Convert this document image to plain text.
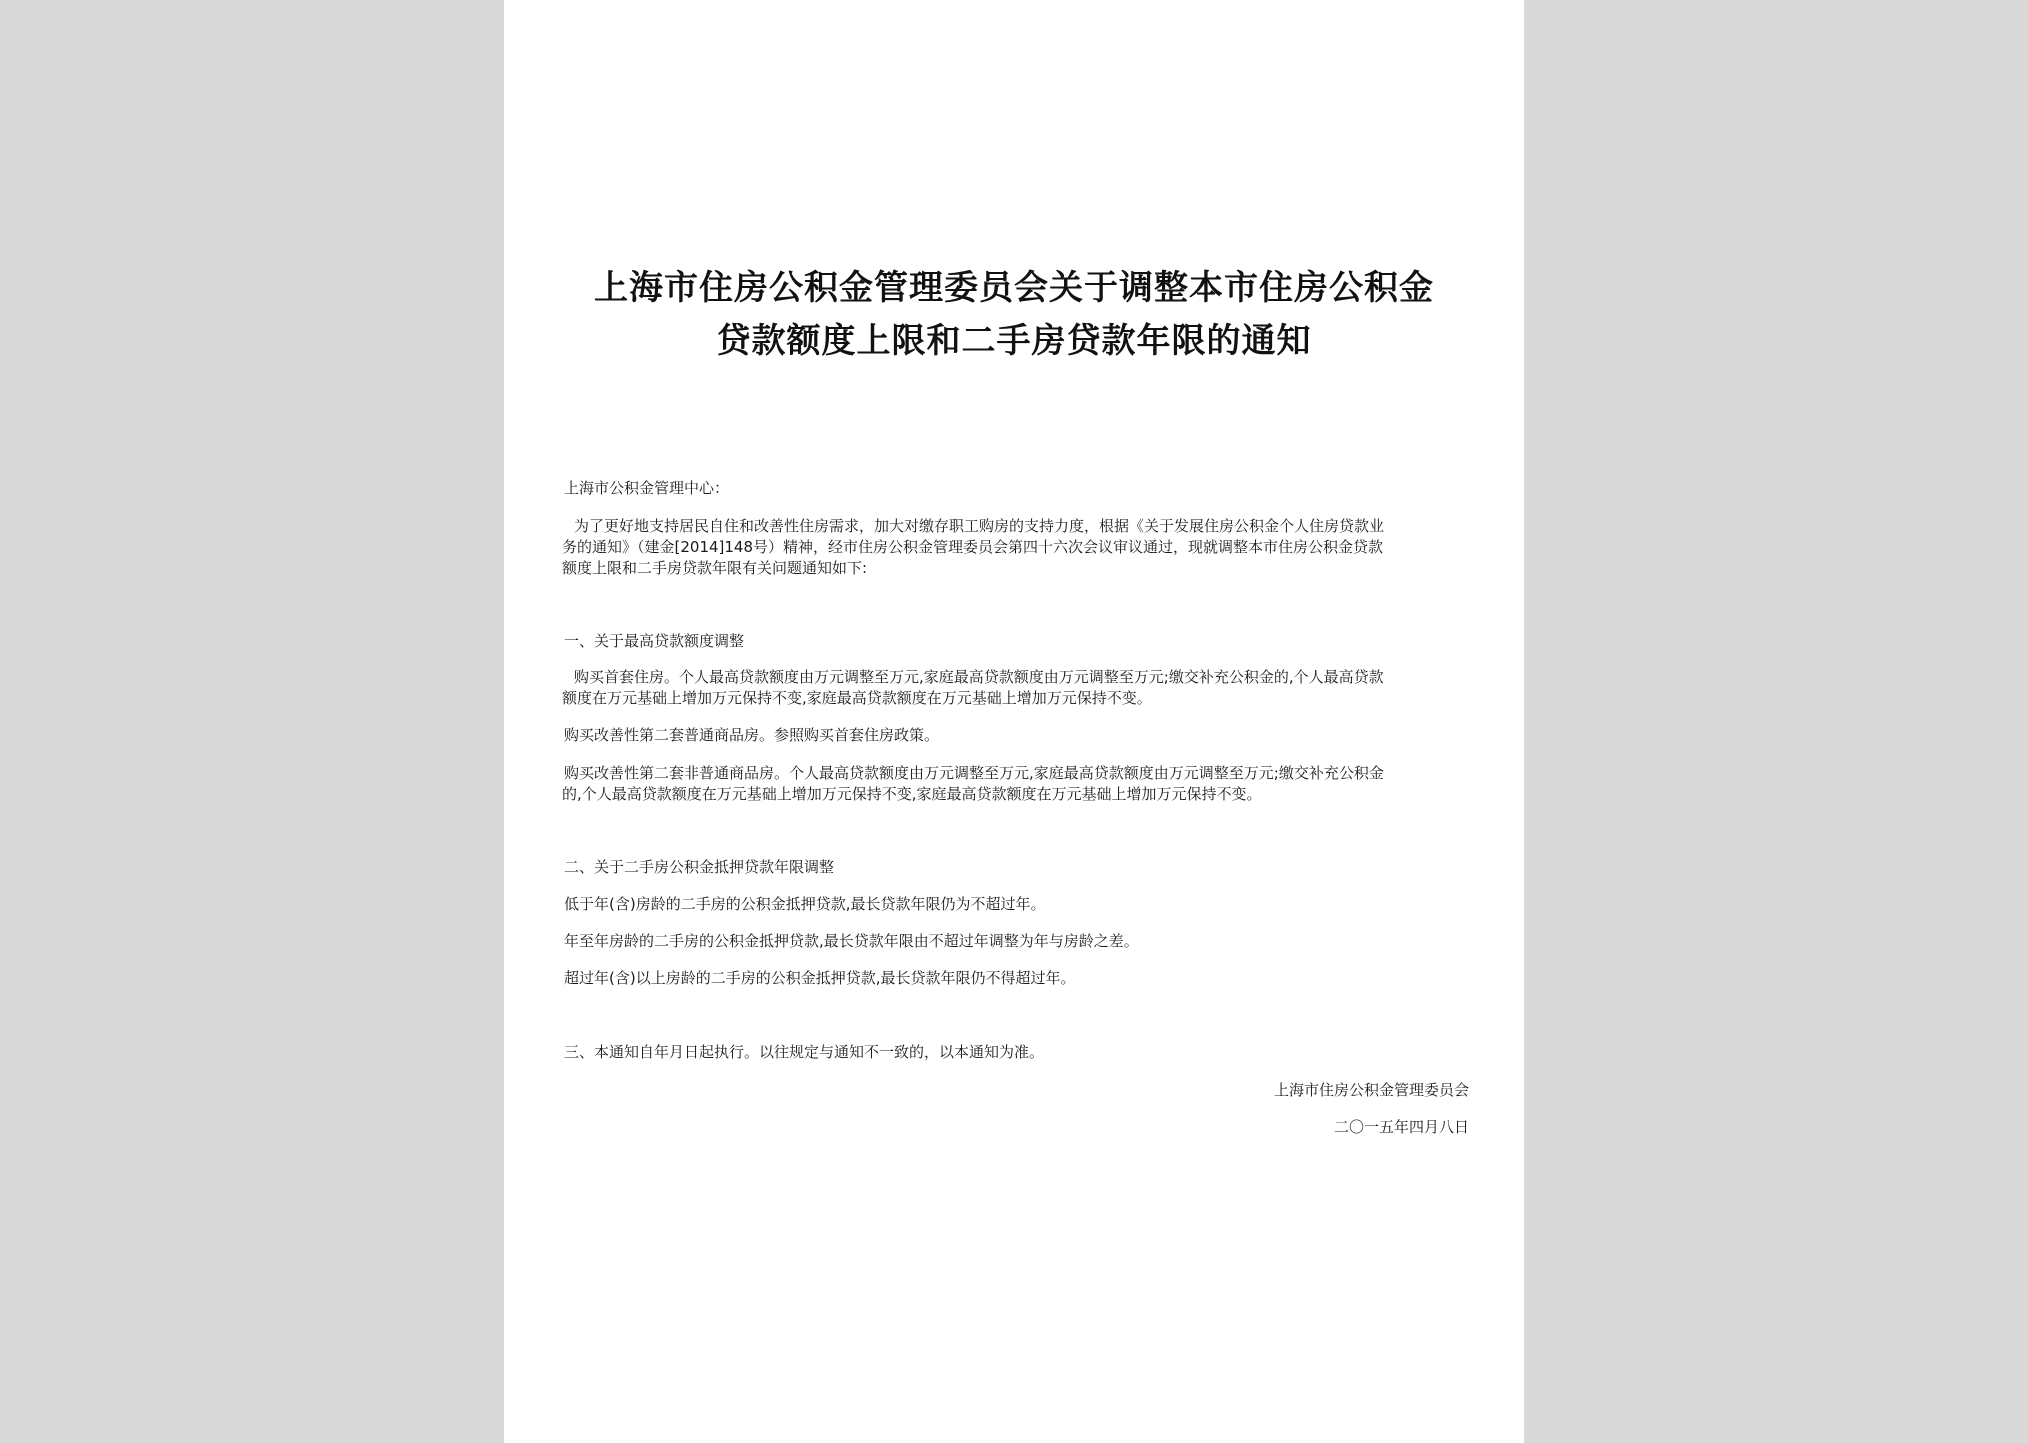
上海市住房公积金管理委员会关于调整本市住房公积金
贷款额度上限和二手房贷款年限的通知
上海市公积金管理中心：
为了更好地支持居民自住和改善性住房需求，加大对缴存职工购房的支持力度，根据《关于发展住房公积金个人住房贷款业
务的通知》（建金[2014]148号）精神，经市住房公积金管理委员会第四十六次会议审议通过，现就调整本市住房公积金贷款
额度上限和二手房贷款年限有关问题通知如下:
一、关于最高贷款额度调整
购买首套住房。个人最高贷款额度由万元调整至万元,家庭最高贷款额度由万元调整至万元;缴交补充公积金的,个人最高贷款
额度在万元基础上增加万元保持不变,家庭最高贷款额度在万元基础上增加万元保持不变。
购买改善性第二套普通商品房。参照购买首套住房政策。
购买改善性第二套非普通商品房。个人最高贷款额度由万元调整至万元,家庭最高贷款额度由万元调整至万元;缴交补充公积金
的,个人最高贷款额度在万元基础上增加万元保持不变,家庭最高贷款额度在万元基础上增加万元保持不变。
二、关于二手房公积金抵押贷款年限调整
低于年(含)房龄的二手房的公积金抵押贷款,最长贷款年限仍为不超过年。
年至年房龄的二手房的公积金抵押贷款,最长贷款年限由不超过年调整为年与房龄之差。
超过年(含)以上房龄的二手房的公积金抵押贷款,最长贷款年限仍不得超过年。
三、本通知自年月日起执行。以往规定与通知不一致的，以本通知为准。
上海市住房公积金管理委员会
二〇一五年四月八日
